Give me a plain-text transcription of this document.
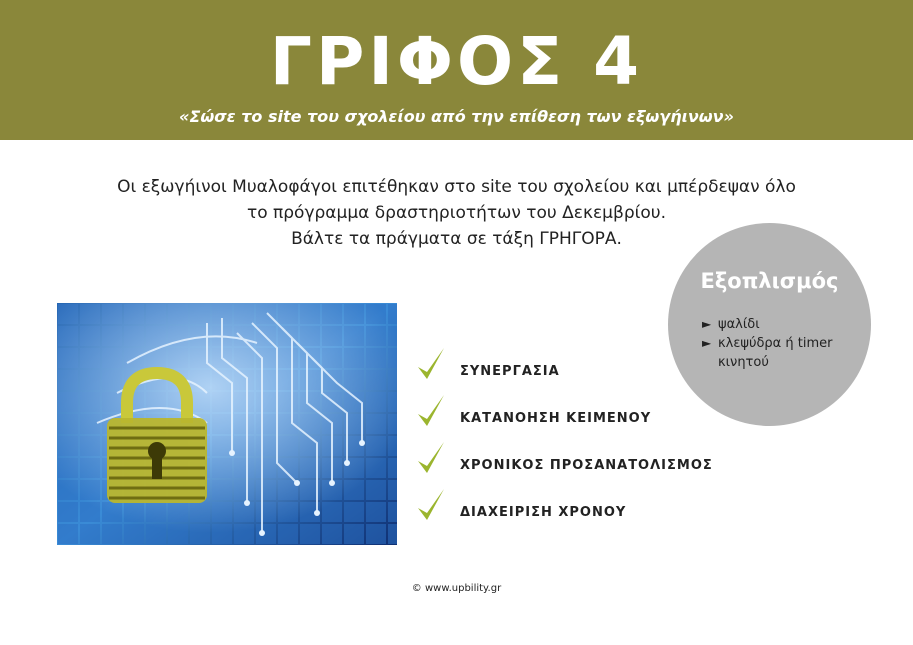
ΓΡΙΦΟΣ 4
«Σώσε το site του σχολείου από την επίθεση των εξωγήινων»
Οι εξωγήινοι Μυαλοφάγοι επιτέθηκαν στο site του σχολείου και μπέρδεψαν όλο
το πρόγραμμα δραστηριοτήτων του Δεκεμβρίου.
Βάλτε τα πράγματα σε τάξη ΓΡΗΓΟΡΑ.
Εξοπλισμός
► ψαλίδι
► κλεψύδρα ή timer κινητού
ΣΥΝΕΡΓΑΣΙΑ
ΚΑΤΑΝΟΗΣΗ ΚΕΙΜΕΝΟΥ
ΧΡΟΝΙΚΟΣ ΠΡΟΣΑΝΑΤΟΛΙΣΜΟΣ
ΔΙΑΧΕΙΡΙΣΗ ΧΡΟΝΟΥ
© www.upbility.gr
